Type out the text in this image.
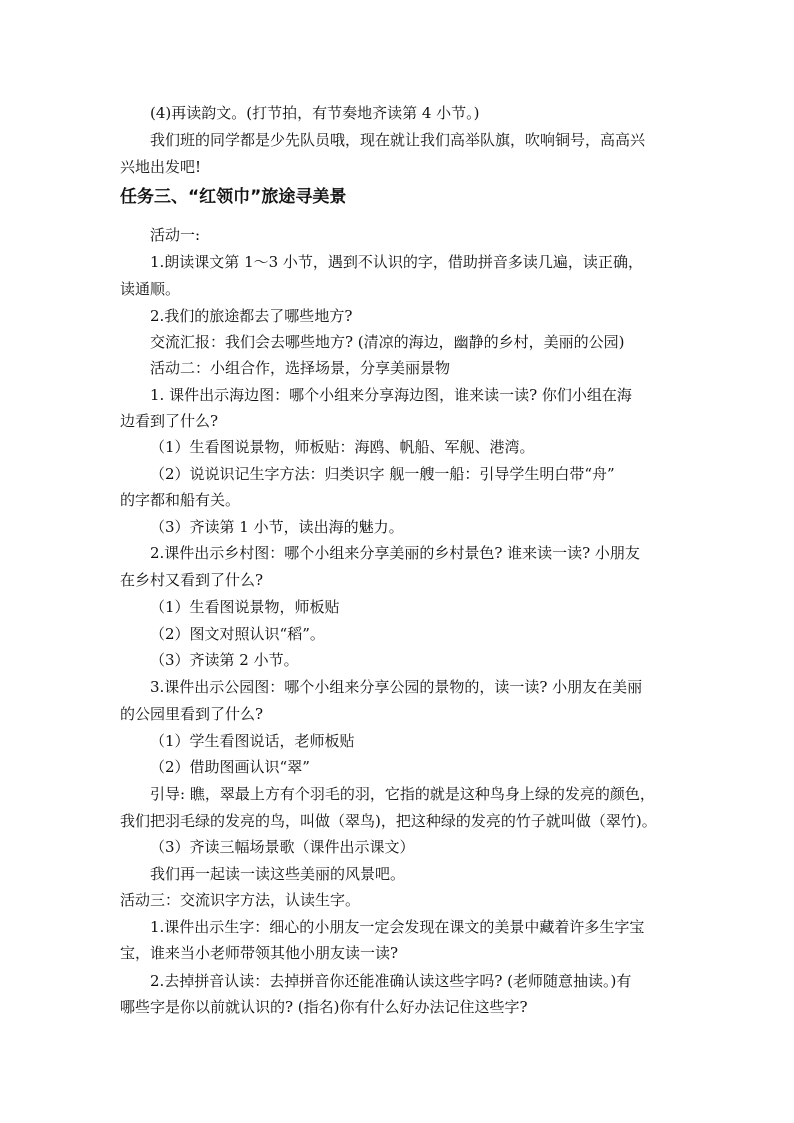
(4)再读韵文。(打节拍，有节奏地齐读第 4 小节。)
我们班的同学都是少先队员哦，现在就让我们高举队旗，吹响铜号，高高兴
兴地出发吧!
任务三、“红领巾”旅途寻美景
活动一:
1.朗读课文第 1～3 小节，遇到不认识的字，借助拼音多读几遍，读正确，
读通顺。
2.我们的旅途都去了哪些地方?
交流汇报：我们会去哪些地方? (清凉的海边，幽静的乡村，美丽的公园)
活动二：小组合作，选择场景，分享美丽景物
1. 课件出示海边图：哪个小组来分享海边图，谁来读一读? 你们小组在海
边看到了什么?
（1）生看图说景物，师板贴：海鸥、帆船、军舰、港湾。
（2）说说识记生字方法：归类识字 舰一艘一船：引导学生明白带“舟”
的字都和船有关。
（3）齐读第 1 小节，读出海的魅力。
2.课件出示乡村图：哪个小组来分享美丽的乡村景色? 谁来读一读? 小朋友
在乡村又看到了什么?
（1）生看图说景物，师板贴
（2）图文对照认识“稻”。
（3）齐读第 2 小节。
3.课件出示公园图：哪个小组来分享公园的景物的，读一读? 小朋友在美丽
的公园里看到了什么?
（1）学生看图说话，老师板贴
（2）借助图画认识“翠”
引导: 瞧，翠最上方有个羽毛的羽，它指的就是这种鸟身上绿的发亮的颜色，
我们把羽毛绿的发亮的鸟，叫做（翠鸟)，把这种绿的发亮的竹子就叫做（翠竹)。
（3）齐读三幅场景歌（课件出示课文）
我们再一起读一读这些美丽的风景吧。
活动三：交流识字方法，认读生字。
1.课件出示生字：细心的小朋友一定会发现在课文的美景中藏着许多生字宝
宝，谁来当小老师带领其他小朋友读一读?
2.去掉拼音认读：去掉拼音你还能准确认读这些字吗? (老师随意抽读。)有
哪些字是你以前就认识的? (指名)你有什么好办法记住这些字?
